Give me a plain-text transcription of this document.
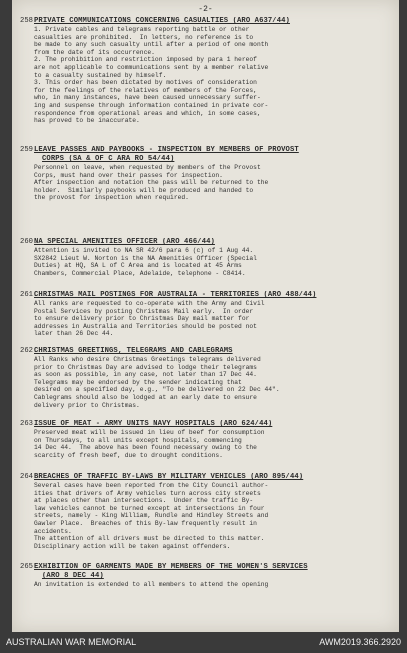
-2-
258.
PRIVATE COMMUNICATIONS CONCERNING CASUALTIES (ARO A637/44)
1. Private cables and telegrams reporting battle or other
casualties are prohibited.  In letters, no reference is to
be made to any such casualty until after a period of one month
from the date of its occurrence.
2. The prohibition and restriction imposed by para 1 hereof
are not applicable to communications sent by a member relative
to a casualty sustained by himself.
3. This order has been dictated by motives of consideration
for the feelings of the relatives of members of the Forces,
who, in many instances, have been caused unnecessary suffer-
ing and suspense through information contained in private cor-
respondence from operational areas and which, in some cases,
has proved to be inaccurate.
259.
LEAVE PASSES AND PAYBOOKS - INSPECTION BY MEMBERS OF PROVOST
CORPS (SA & OF C ARA RO 54/44)
Personnel on leave, when requested by members of the Provost
Corps, must hand over their passes for inspection.
After inspection and notation the pass will be returned to the
holder.  Similarly paybooks will be produced and handed to
the provost for inspection when required.
260.
NA SPECIAL AMENITIES OFFICER (ARO 466/44)
Attention is invited to NA SR 42/6 para 6 (c) of 1 Aug 44.
SX2842 Lieut W. Norton is the NA Amenities Officer (Special
Duties) at HQ, SA L of C Area and is located at 45 Arms
Chambers, Commercial Place, Adelaide, telephone - C8414.
261.
CHRISTMAS MAIL POSTINGS FOR AUSTRALIA - TERRITORIES (ARO 488/44)
All ranks are requested to co-operate with the Army and Civil
Postal Services by posting Christmas Mail early.  In order
to ensure delivery prior to Christmas Day mail matter for
addresses in Australia and Territories should be posted not
later than 26 Dec 44.
262.
CHRISTMAS GREETINGS, TELEGRAMS AND CABLEGRAMS
All Ranks who desire Christmas Greetings telegrams delivered
prior to Christmas Day are advised to lodge their telegrams
as soon as possible, in any case, not later than 17 Dec 44.
Telegrams may be endorsed by the sender indicating that
desired on a specified day, e.g., "To be delivered on 22 Dec 44".
Cablegrams should also be lodged at an early date to ensure
delivery prior to Christmas.
263.
ISSUE OF MEAT - ARMY UNITS NAVY HOSPITALS (ARO 624/44)
Preserved meat will be issued in lieu of beef for consumption
on Thursdays, to all units except hospitals, commencing
14 Dec 44.  The above has been found necessary owing to the
scarcity of fresh beef, due to drought conditions.
264.
BREACHES OF TRAFFIC BY-LAWS BY MILITARY VEHICLES (ARO 895/44)
Several cases have been reported from the City Council author-
ities that drivers of Army vehicles turn across city streets
at places other than intersections.  Under the traffic By-
law vehicles cannot be turned except at intersections in four
streets, namely - King William, Rundle and Hindley Streets and
Gawler Place.  Breaches of this By-law frequently result in
accidents.
The attention of all drivers must be directed to this matter.
Disciplinary action will be taken against offenders.
265.
EXHIBITION OF GARMENTS MADE BY MEMBERS OF THE WOMEN'S SERVICES
(ARO 8 DEC 44)
An invitation is extended to all members to attend the opening
AUSTRALIAN WAR MEMORIAL	AWM2019.366.2920
